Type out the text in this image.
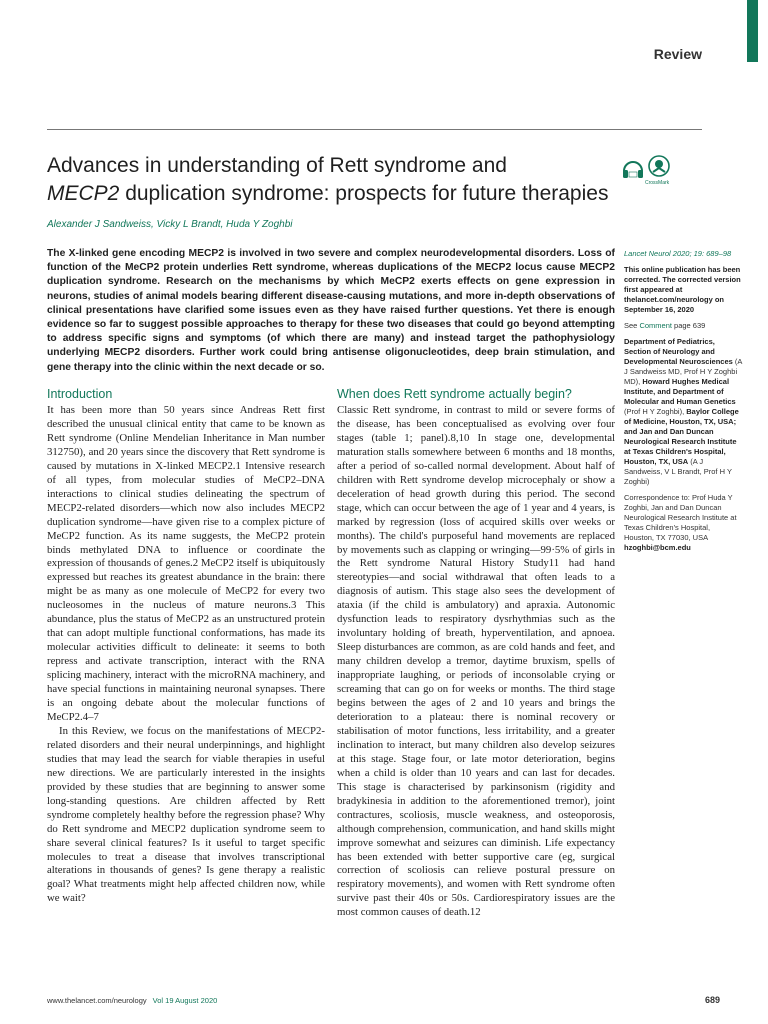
Review
Advances in understanding of Rett syndrome and
MECP2 duplication syndrome: prospects for future therapies	CrossMark
Alexander J Sandweiss, Vicky L Brandt, Huda Y Zoghbi

The X-linked gene encoding MECP2 is involved in two severe and complex neurodevelopmental disorders. Loss of function of the MeCP2 protein underlies Rett syndrome, whereas duplications of the MECP2 locus cause MECP2 duplication syndrome. Research on the mechanisms by which MeCP2 exerts effects on gene expression in neurons, studies of animal models bearing different disease-causing mutations, and more in-depth observations of clinical presentations have clarified some issues even as they have raised further questions. Yet there is enough evidence so far to suggest possible approaches to therapy for these two diseases that could go beyond attempting to address specific signs and symptoms (of which there are many) and instead target the pathophysiology underlying MECP2 disorders. Further work could bring antisense oligonucleotides, deep brain stimulation, and gene therapy into the clinic within the next decade or so.

Introduction

It has been more than 50 years since Andreas Rett first described the unusual clinical entity that came to be known as Rett syndrome (Online Mendelian Inheritance in Man number 312750), and 20 years since the discovery that Rett syndrome is caused by mutations in X-linked MECP2.1 Intensive research of all types, from molecular studies of MeCP2–DNA interactions to clinical studies delineating the spectrum of MECP2-related disorders—which now also includes MECP2 duplication syndrome—have given rise to a complex picture of MeCP2 function. As its name suggests, the MeCP2 protein binds methylated DNA to influence or coordinate the expression of thousands of genes.2 MeCP2 itself is ubiquitously expressed but reaches its greatest abundance in the brain: there might be as many as one molecule of MeCP2 for every two nucleosomes in the nucleus of mature neurons.3 This abundance, plus the status of MeCP2 as an unstructured protein that can adopt multiple functional conformations, has made its molecular activities difficult to delineate: it seems to both repress and activate transcription, interact with the RNA splicing machinery, interact with the microRNA machinery, and have special functions in maintaining neuronal synapses. There is an ongoing debate about the molecular functions of MeCP2.4–7

In this Review, we focus on the manifestations of MECP2-related disorders and their neural underpinnings, and highlight studies that may lead the search for viable therapies in useful new directions. We are particularly interested in the insights provided by these studies that are beginning to answer some long-standing questions. Are children affected by Rett syndrome completely healthy before the regression phase? Why do Rett syndrome and MECP2 duplication syndrome seem to share several clinical features? Is it useful to target specific molecules to treat a disease that involves transcriptional alterations in thousands of genes? Is gene therapy a realistic goal? What treatments might help affected children now, while we wait?

When does Rett syndrome actually begin?

Classic Rett syndrome, in contrast to mild or severe forms of the disease, has been conceptualised as evolving over four stages (table 1; panel).8,10 In stage one, developmental maturation stalls somewhere between 6 months and 18 months, after a period of so-called normal development. About half of children with Rett syndrome develop microcephaly or show a deceleration of head growth during this period. The second stage, which can occur between the age of 1 year and 4 years, is marked by regression (loss of acquired skills over weeks or months). The child's purposeful hand movements are replaced by movements such as clapping or wringing—99·5% of girls in the Rett syndrome Natural History Study11 had hand stereotypies—and social withdrawal that often leads to a diagnosis of autism. This stage also sees the development of ataxia (if the child is ambulatory) and apraxia. Autonomic dysfunction leads to respiratory dysrhythmias such as the involuntary holding of breath, hyperventilation, and apnoea. Sleep disturbances are common, as are cold hands and feet, and many children develop a tremor, daytime bruxism, spells of inappropriate laughing, or periods of inconsolable crying or screaming that can go on for weeks or months. The third stage begins between the ages of 2 and 10 years and brings the deterioration to a plateau: there is nominal recovery or stabilisation of motor functions, less irritability, and a greater inclination to interact, but many children also develop seizures at this stage. Stage four, or late motor deterioration, begins when a child is older than 10 years and can last for decades. This stage is characterised by parkinsonism (rigidity and bradykinesia in addition to the aforementioned tremor), joint contractures, scoliosis, muscle weakness, and osteoporosis, although comprehension, communication, and hand skills might improve somewhat and seizures can diminish. Life expectancy has been extended with better supportive care (eg, surgical correction of scoliosis can relieve postural pressure on respiratory movements), and women with Rett syndrome often survive past their 40s or 50s. Cardiorespiratory issues are the most common causes of death.12

Lancet Neurol 2020; 19: 689–98
This online publication has been corrected. The corrected version first appeared at thelancet.com/neurology on September 16, 2020
See Comment page 639
Department of Pediatrics, Section of Neurology and Developmental Neurosciences (A J Sandweiss MD, Prof H Y Zoghbi MD), Howard Hughes Medical Institute, and Department of Molecular and Human Genetics (Prof H Y Zoghbi), Baylor College of Medicine, Houston, TX, USA; and Jan and Dan Duncan Neurological Research Institute at Texas Children's Hospital, Houston, TX, USA (A J Sandweiss, V L Brandt, Prof H Y Zoghbi)
Correspondence to: Prof Huda Y Zoghbi, Jan and Dan Duncan Neurological Research Institute at Texas Children's Hospital, Houston, TX 77030, USA
hzoghbi@bcm.edu
www.thelancet.com/neurology Vol 19 August 2020	689
